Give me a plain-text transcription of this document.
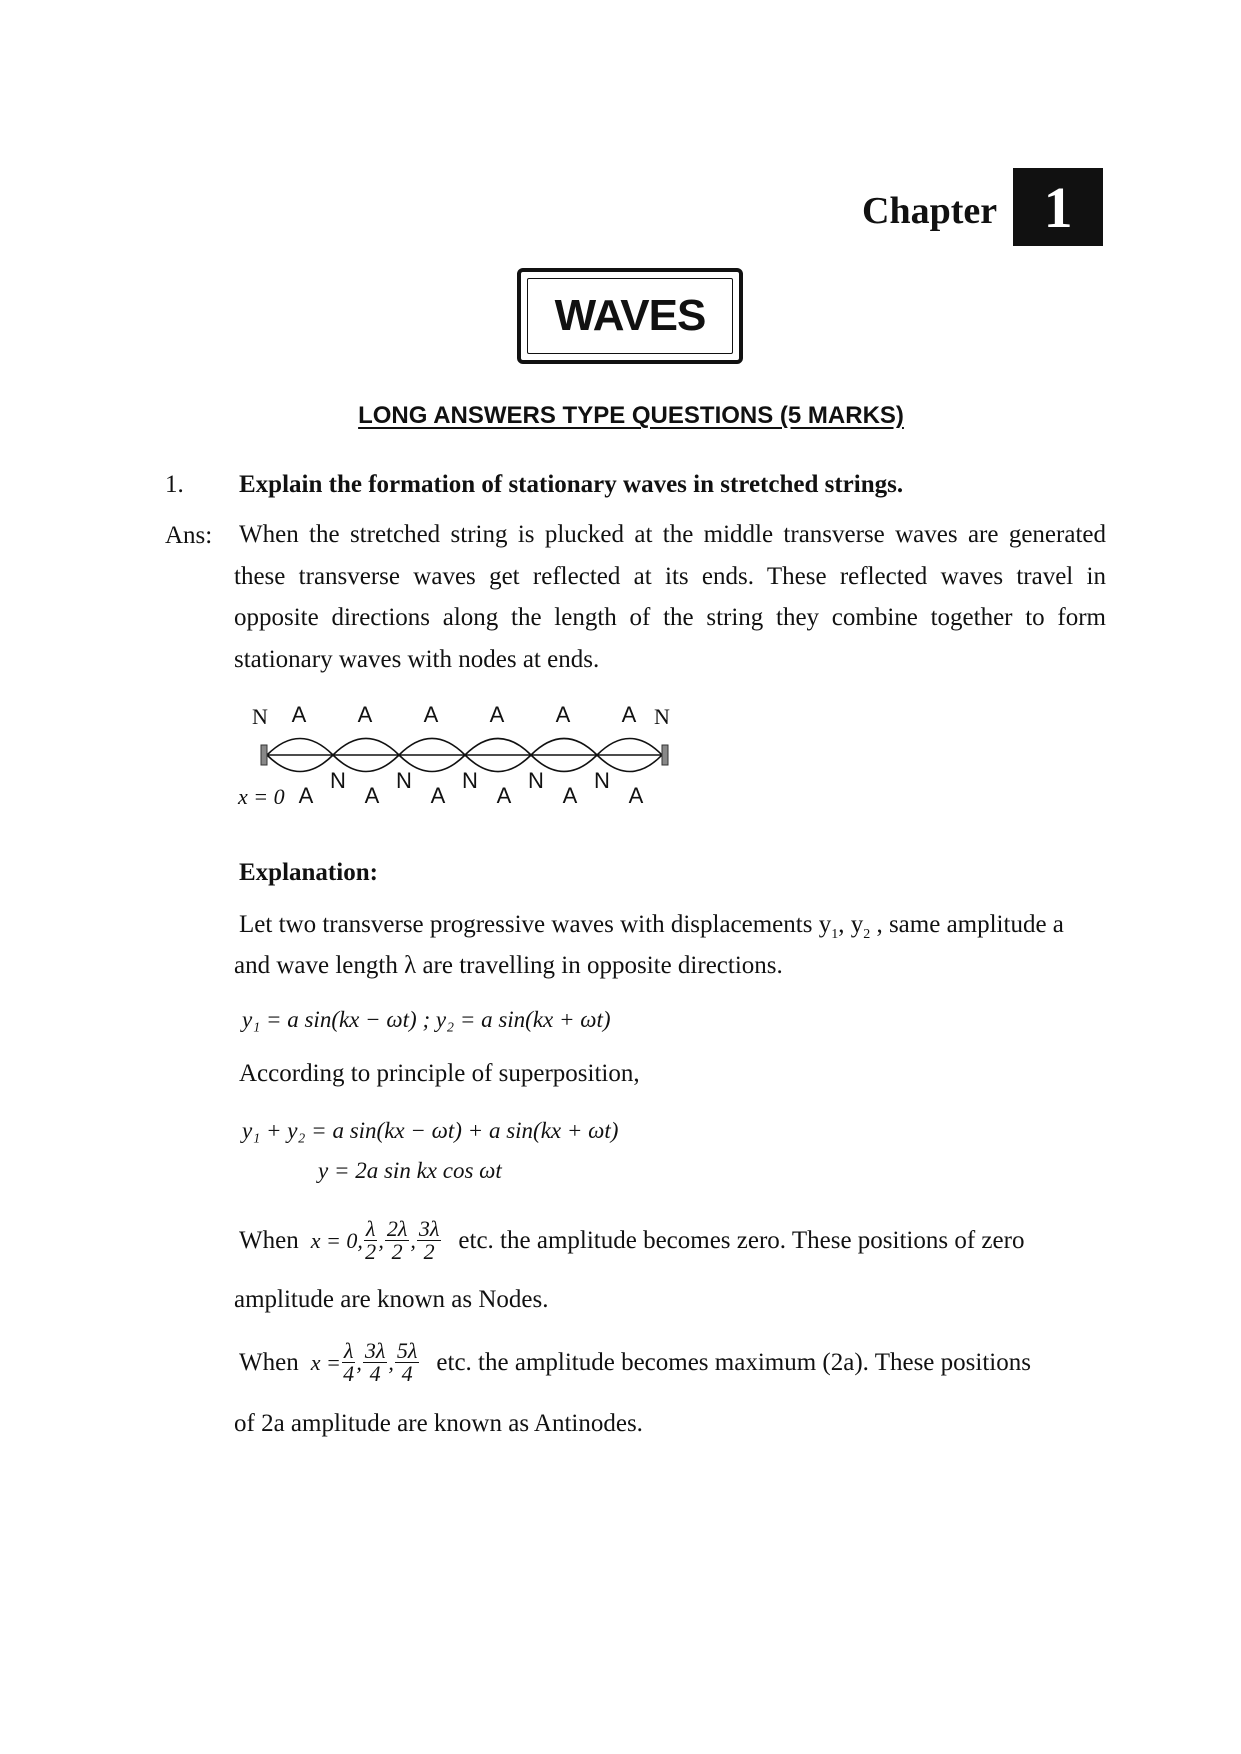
Chapter 1
WAVES
LONG ANSWERS TYPE QUESTIONS (5 MARKS)
1. Explain the formation of stationary waves in stretched strings.
Ans: When the stretched string is plucked at the middle transverse waves are generated these transverse waves get reflected at its ends. These reflected waves travel in opposite directions along the length of the string they combine together to form stationary waves with nodes at ends.
N A A A A A A N
A
N
A
N
A
N
A
N
A
N
A
x = 0
Explanation:
Let two transverse progressive waves with displacements $y_1$, $y_2$ , same amplitude a
and wave length λ are travelling in opposite directions.
y₁ = a sin(kx − ωt) ; y₂ = a sin(kx + ωt)
According to principle of superposition,
y₁ + y₂ = a sin(kx − ωt) + a sin(kx + ωt)
y = 2a sin kx cos ωt
When x = 0, $\frac{\lambda}{2}$ , $\frac{2\lambda}{2}$ , $\frac{3\lambda}{2}$ etc. the amplitude becomes zero. These positions of zero
amplitude are known as Nodes.
When $x = \frac{\lambda}{4}$ , $\frac{3\lambda}{4}$ , $\frac{5\lambda}{4}$ etc. the amplitude becomes maximum (2a). These positions
of 2a amplitude are known as Antinodes.
